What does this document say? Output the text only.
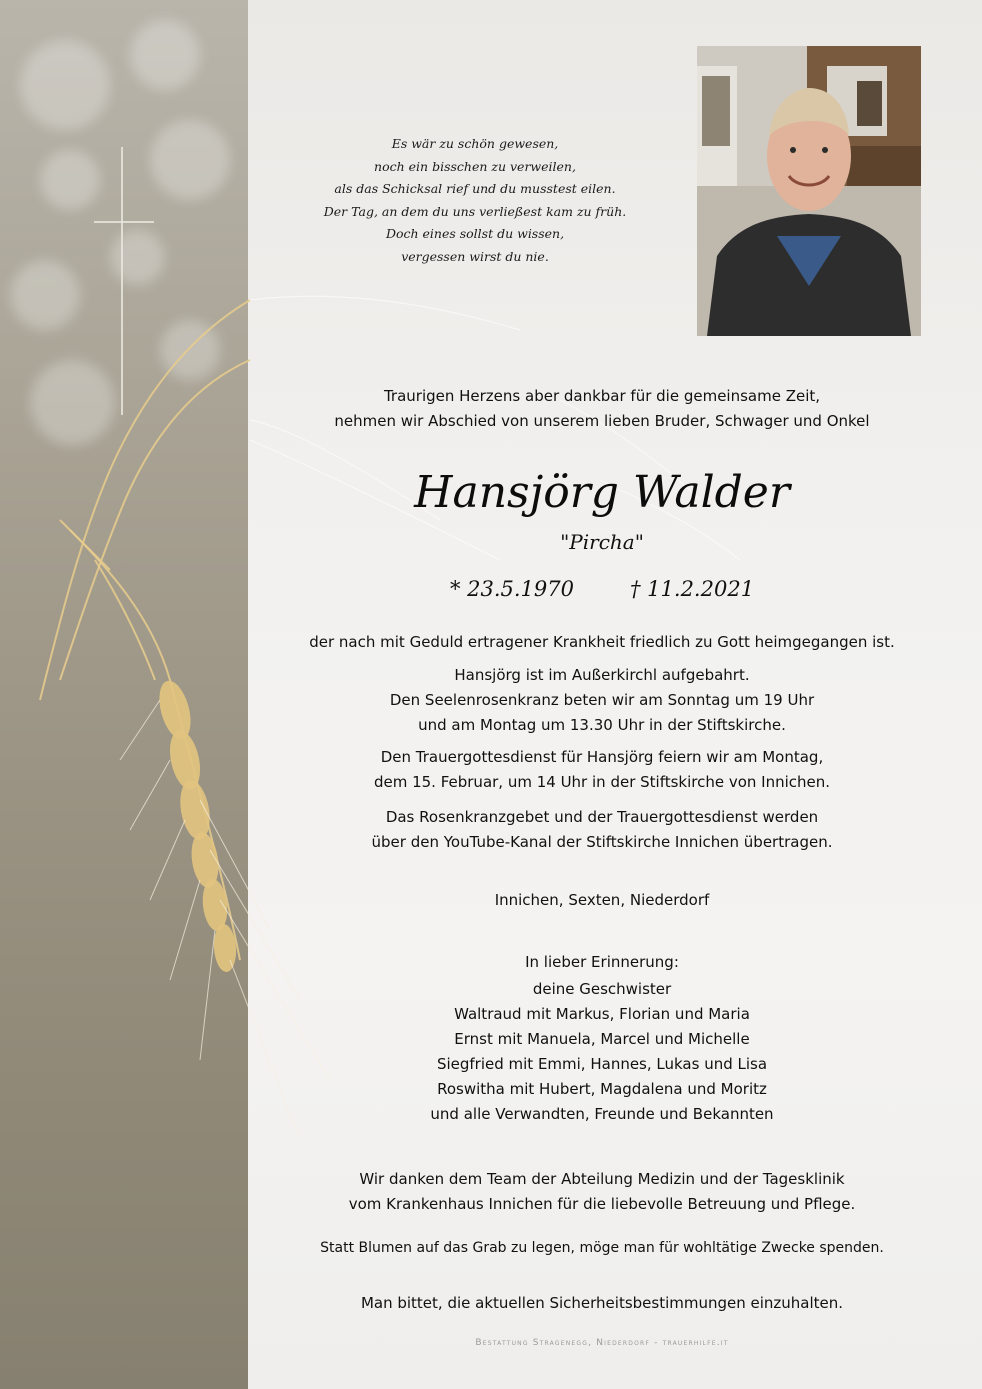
Es wär zu schön gewesen,
noch ein bisschen zu verweilen,
als das Schicksal rief und du musstest eilen.
Der Tag, an dem du uns verließest kam zu früh.
Doch eines sollst du wissen,
vergessen wirst du nie.
Traurigen Herzens aber dankbar für die gemeinsame Zeit,
nehmen wir Abschied von unserem lieben Bruder, Schwager und Onkel
Hansjörg Walder
"Pircha"
* 23.5.1970	† 11.2.2021
der nach mit Geduld ertragener Krankheit friedlich zu Gott heimgegangen ist.
Hansjörg ist im Außerkirchl aufgebahrt.
Den Seelenrosenkranz beten wir am Sonntag um 19 Uhr
und am Montag um 13.30 Uhr in der Stiftskirche.
Den Trauergottesdienst für Hansjörg feiern wir am Montag,
dem 15. Februar, um 14 Uhr in der Stiftskirche von Innichen.
Das Rosenkranzgebet und der Trauergottesdienst werden
über den YouTube-Kanal der Stiftskirche Innichen übertragen.
Innichen, Sexten, Niederdorf
In lieber Erinnerung:
deine Geschwister
Waltraud mit Markus, Florian und Maria
Ernst mit Manuela, Marcel und Michelle
Siegfried mit Emmi, Hannes, Lukas und Lisa
Roswitha mit Hubert, Magdalena und Moritz
und alle Verwandten, Freunde und Bekannten
Wir danken dem Team der Abteilung Medizin und der Tagesklinik
vom Krankenhaus Innichen für die liebevolle Betreuung und Pflege.
Statt Blumen auf das Grab zu legen, möge man für wohltätige Zwecke spenden.
Man bittet, die aktuellen Sicherheitsbestimmungen einzuhalten.
Bestattung Stragenegg, Niederdorf - trauerhilfe.it
